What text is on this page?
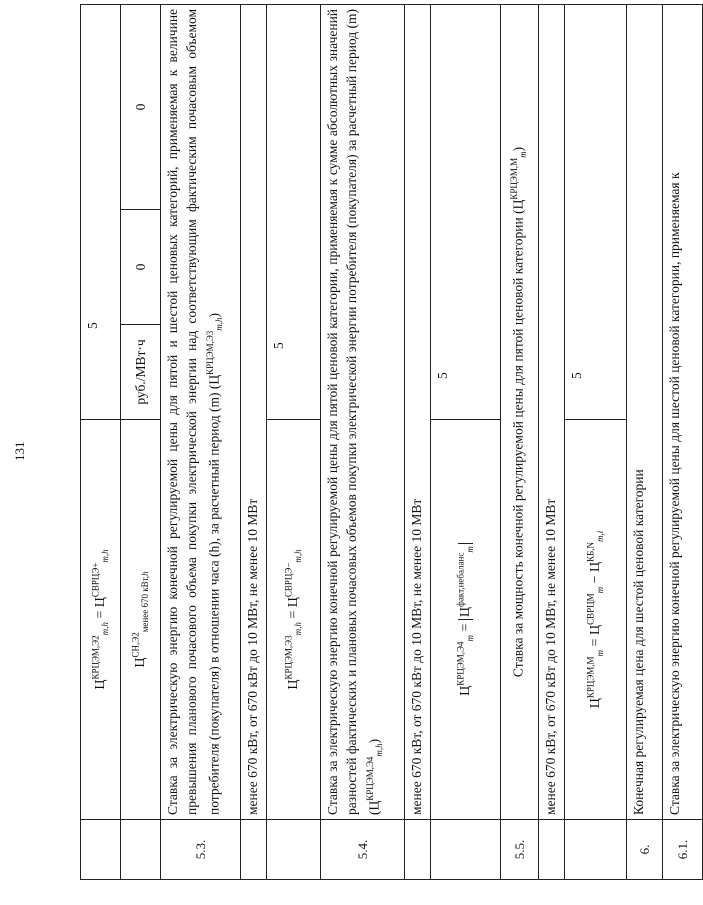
131
	$Ц^{КРЦЭМ,Э2}_{m,h} = Ц^{СВРЦЭ+}_{m,h}$	5		
	$Ц^{СН,Э2}_{менее 670 кВт,h}$	руб./МВт·ч	0	0
5.3.	Ставка за электрическую энергию конечной регулируемой цены для пятой и шестой ценовых категорий, применяемая к величине превышения планового почасового объема покупки электрической энергии над соответствующим фактическим почасовым объемом потребителя (покупателя) в отношении часа (h), за расчетный период (m) $(Ц^{КРЦЭМ,Э3}_{m,h})$			
	менее 670 кВт, от 670 кВт до 10 МВт, не менее 10 МВт			
	$Ц^{КРЦЭМ,Э3}_{m,h} = Ц^{СВРЦЭ-}_{m,h}$	5		
5.4.	Ставка за электрическую энергию конечной регулируемой цены для пятой ценовой категории, применяемая к сумме абсолютных значений разностей фактических и плановых почасовых объемов покупки электрической энергии потребителя (покупателя) за расчетный период (m) $(Ц^{КРЦЭМ,Э4}_{m,h})$			
	менее 670 кВт, от 670 кВт до 10 МВт, не менее 10 МВт			
	$Ц^{КРЦЭМ,Э4}_m = Ц^{факт,небаланс}_m$	5		
5.5.	Ставка за мощность конечной регулируемой цены для пятой ценовой категории $(Ц^{КРЦЭМ,М}_m)$			
	менее 670 кВт, от 670 кВт до 10 МВт, не менее 10 МВт			
	$Ц^{КРЦЭМ,М}_m = Ц^{СВРЦМ}_m - Ц^{КБ,N}_{m,i}$	5		
6.	Конечная регулируемая цена для шестой ценовой категории			
6.1.	Ставка за электрическую энергию конечной регулируемой цены для шестой ценовой категории, применяемая к			
